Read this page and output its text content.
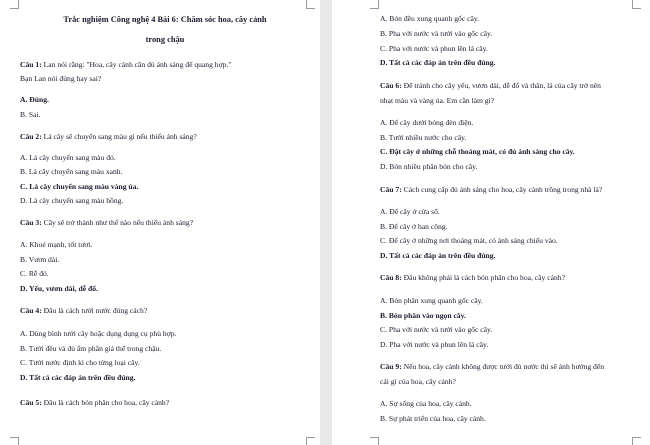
Trắc nghiệm Công nghệ 4 Bài 6: Chăm sóc hoa, cây cảnh
trong chậu
Câu 1: Lan nói rằng: "Hoa, cây cảnh cần đủ ánh sáng để quang hợp."
Bạn Lan nói đúng hay sai?
A. Đúng.
B. Sai.
Câu 2: Lá cây sẽ chuyển sang màu gì nếu thiếu ánh sáng?
A. Lá cây chuyển sang màu đỏ.
B. Lá cây chuyển sang màu xanh.
C. Lá cây chuyển sang màu vàng úa.
D. Lá cây chuyển sang màu hồng.
Câu 3: Cây sẽ trở thành như thế nào nếu thiếu ánh sáng?
A. Khoẻ mạnh, tốt tươi.
B. Vươn dài.
C. Rễ đỏ.
D. Yếu, vươn dài, dễ đổ.
Câu 4: Đâu là cách tưới nước đúng cách?
A. Dùng bình tưới cây hoặc dụng dụng cụ phù hợp.
B. Tưới đều và đủ ẩm phần giá thể trong chậu.
C. Tưới nước định kì cho từng loại cây.
D. Tất cả các đáp án trên đều đúng.
Câu 5: Đâu là cách bón phân cho hoa, cây cảnh?
A. Bón đều xung quanh gốc cây.
B. Pha với nước và tưới vào gốc cây.
C. Pha với nước và phun lên lá cây.
D. Tất cả các đáp án trên đều đúng.
Câu 6: Để tránh cho cây yếu, vươn dài, dễ đổ và thân, lá của cây trở nên
nhạt màu và vàng úa. Em cần làm gì?
A. Để cây dưới bóng đèn điện.
B. Tưới nhiều nước cho cây.
C. Đặt cây ở những chỗ thoáng mát, có đủ ánh sáng cho cây.
D. Bón nhiều phân bón cho cây.
Câu 7: Cách cung cấp đủ ánh sáng cho hoa, cây cảnh trồng trong nhà là?
A. Để cây ở cửa sổ.
B. Để cây ở ban công.
C. Để cây ở những nơi thoáng mát, có ánh sáng chiếu vào.
D. Tất cả các đáp án trên đều đúng.
Câu 8: Đâu không phải là cách bón phân cho hoa, cây cảnh?
A. Bón phân xung quanh gốc cây.
B. Bón phân vào ngọn cây.
C. Pha với nước và tưới vào gốc cây.
D. Pha với nước và phun lên lá cây.
Câu 9: Nếu hoa, cây cảnh không được tưới đủ nước thì sẽ ảnh hưởng đến
cái gì của hoa, cây cảnh?
A. Sự sống của hoa, cây cảnh.
B. Sự phát triển của hoa, cây cảnh.
